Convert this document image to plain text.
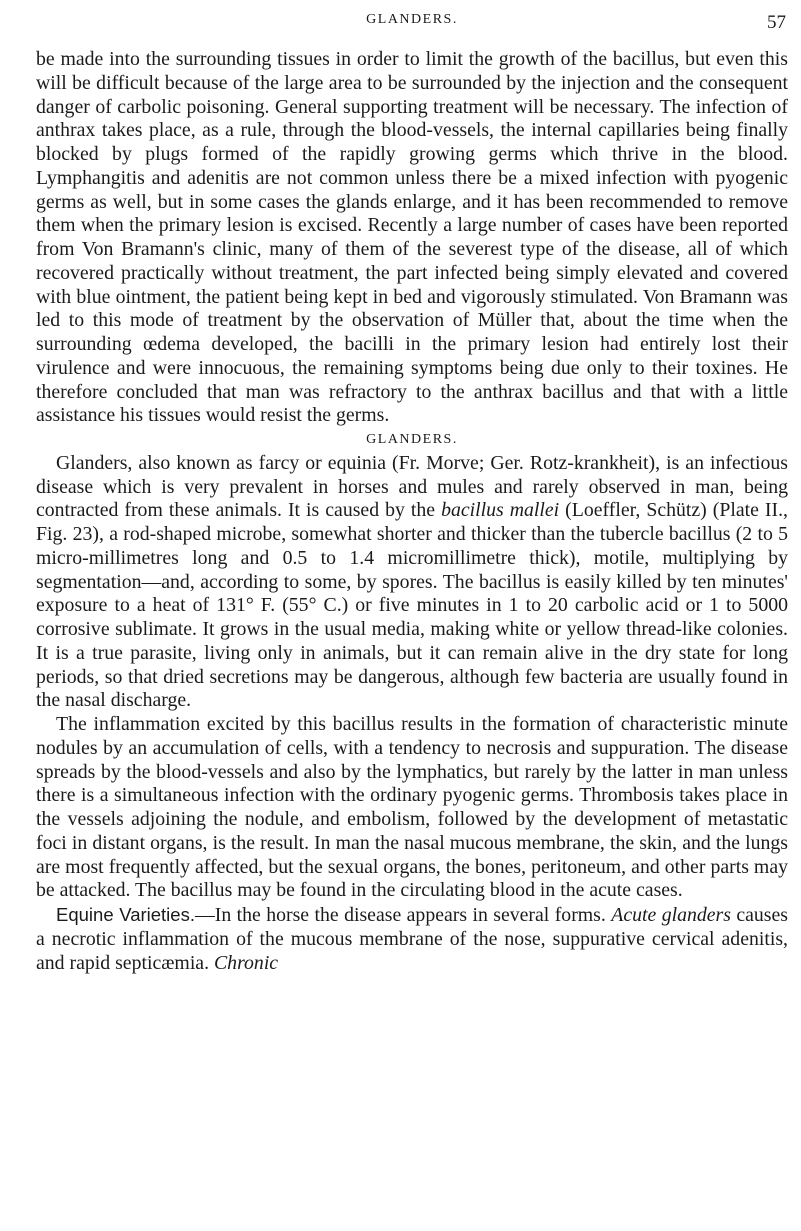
GLANDERS.	57

be made into the surrounding tissues in order to limit the growth of the bacillus, but even this will be difficult because of the large area to be surrounded by the injection and the consequent danger of carbolic poisoning. General supporting treatment will be necessary. The infection of anthrax takes place, as a rule, through the blood-vessels, the internal capillaries being finally blocked by plugs formed of the rapidly growing germs which thrive in the blood. Lymphangitis and adenitis are not common unless there be a mixed infection with pyogenic germs as well, but in some cases the glands enlarge, and it has been recommended to remove them when the primary lesion is excised. Recently a large number of cases have been reported from Von Bramann's clinic, many of them of the severest type of the disease, all of which recovered practically without treatment, the part infected being simply elevated and covered with blue ointment, the patient being kept in bed and vigorously stimulated. Von Bramann was led to this mode of treatment by the observation of Müller that, about the time when the surrounding œdema developed, the bacilli in the primary lesion had entirely lost their virulence and were innocuous, the remaining symptoms being due only to their toxines. He therefore concluded that man was refractory to the anthrax bacillus and that with a little assistance his tissues would resist the germs.

GLANDERS.

Glanders, also known as farcy or equinia (Fr. Morve; Ger. Rotz-krankheit), is an infectious disease which is very prevalent in horses and mules and rarely observed in man, being contracted from these animals. It is caused by the bacillus mallei (Loeffler, Schütz) (Plate II., Fig. 23), a rod-shaped microbe, somewhat shorter and thicker than the tubercle bacillus (2 to 5 micro-millimetres long and 0.5 to 1.4 micromillimetre thick), motile, multiplying by segmentation—and, according to some, by spores. The bacillus is easily killed by ten minutes' exposure to a heat of 131° F. (55° C.) or five minutes in 1 to 20 carbolic acid or 1 to 5000 corrosive sublimate. It grows in the usual media, making white or yellow thread-like colonies. It is a true parasite, living only in animals, but it can remain alive in the dry state for long periods, so that dried secretions may be dangerous, although few bacteria are usually found in the nasal discharge.

The inflammation excited by this bacillus results in the formation of characteristic minute nodules by an accumulation of cells, with a tendency to necrosis and suppuration. The disease spreads by the blood-vessels and also by the lymphatics, but rarely by the latter in man unless there is a simultaneous infection with the ordinary pyogenic germs. Thrombosis takes place in the vessels adjoining the nodule, and embolism, followed by the development of metastatic foci in distant organs, is the result. In man the nasal mucous membrane, the skin, and the lungs are most frequently affected, but the sexual organs, the bones, peritoneum, and other parts may be attacked. The bacillus may be found in the circulating blood in the acute cases.

Equine Varieties.—In the horse the disease appears in several forms. Acute glanders causes a necrotic inflammation of the mucous membrane of the nose, suppurative cervical adenitis, and rapid septicæmia. Chronic
